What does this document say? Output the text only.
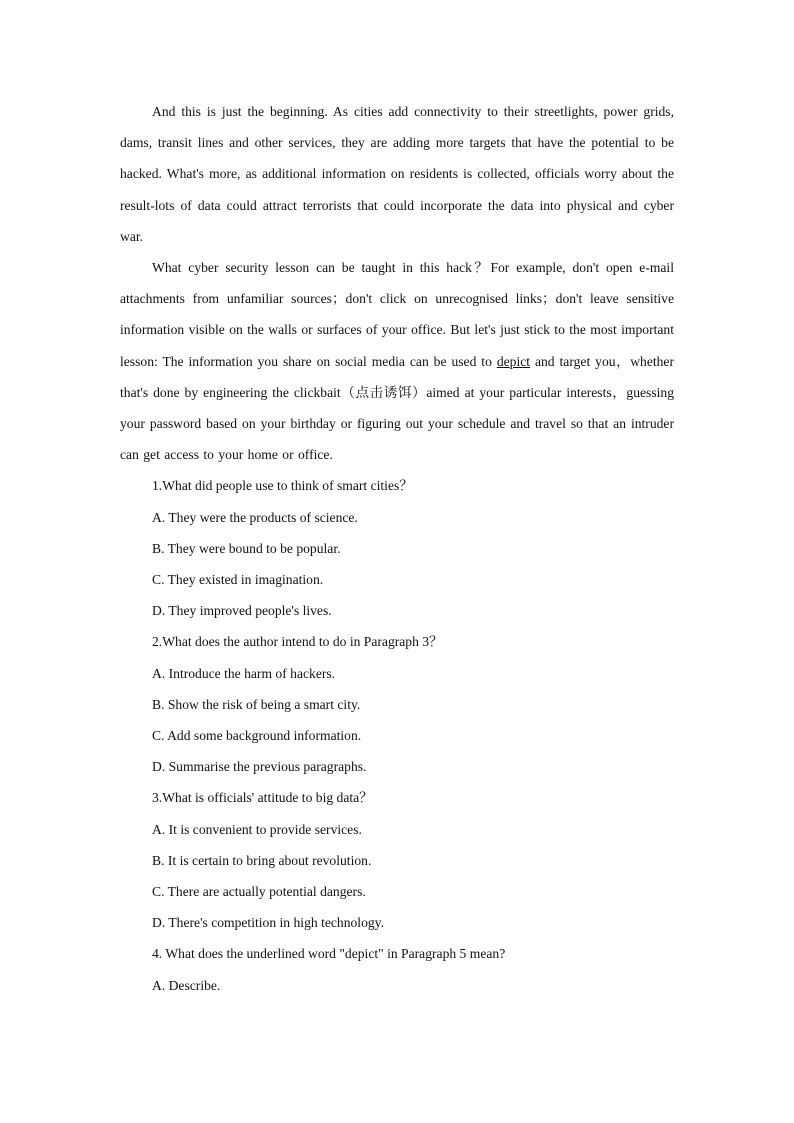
And this is just the beginning. As cities add connectivity to their streetlights, power grids, dams, transit lines and other services, they are adding more targets that have the potential to be hacked. What's more, as additional information on residents is collected, officials worry about the result-lots of data could attract terrorists that could incorporate the data into physical and cyber war.

What cyber security lesson can be taught in this hack？For example, don't open e-mail attachments from unfamiliar sources；don't click on unrecognised links；don't leave sensitive information visible on the walls or surfaces of your office. But let's just stick to the most important lesson: The information you share on social media can be used to depict and target you，whether that's done by engineering the clickbait（点击诱饵）aimed at your particular interests，guessing your password based on your birthday or figuring out your schedule and travel so that an intruder can get access to your home or office.

1.What did people use to think of smart cities？

A. They were the products of science.

B. They were bound to be popular.

C. They existed in imagination.

D. They improved people's lives.

2.What does the author intend to do in Paragraph 3？

A. Introduce the harm of hackers.

B. Show the risk of being a smart city.

C. Add some background information.

D. Summarise the previous paragraphs.

3.What is officials' attitude to big data？

A. It is convenient to provide services.

B. It is certain to bring about revolution.

C. There are actually potential dangers.

D. There's competition in high technology.

4. What does the underlined word "depict" in Paragraph 5 mean?

A. Describe.
